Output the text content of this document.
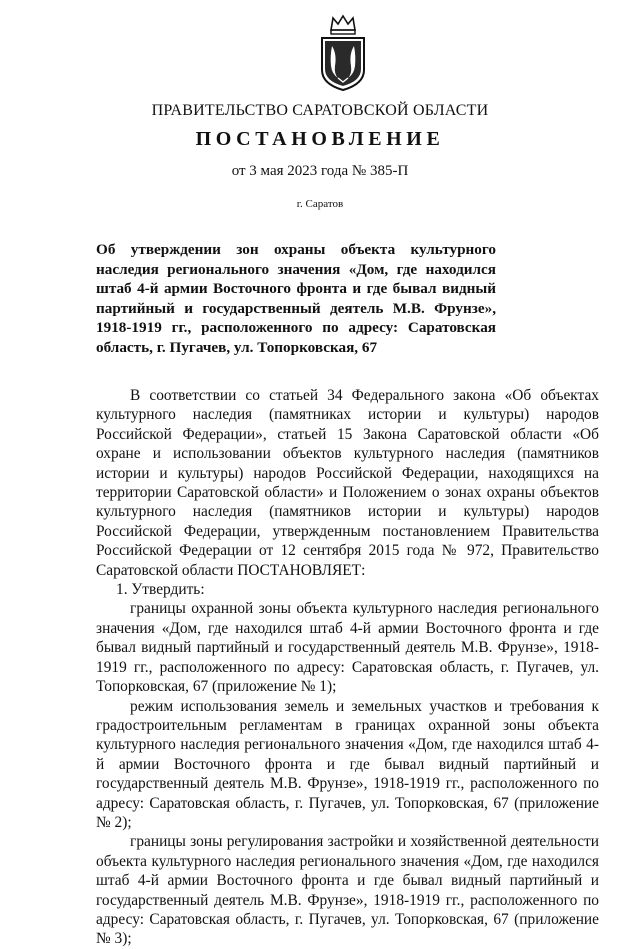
ПРАВИТЕЛЬСТВО САРАТОВСКОЙ ОБЛАСТИ
ПОСТАНОВЛЕНИЕ
от 3 мая 2023 года № 385-П
г. Саратов

Об утверждении зон охраны объекта культурного наследия регионального значения «Дом, где находился штаб 4-й армии Восточного фронта и где бывал видный партийный и государственный деятель М.В. Фрунзе», 1918-1919 гг., расположенного по адресу: Саратовская область, г. Пугачев, ул. Топорковская, 67

В соответствии со статьей 34 Федерального закона «Об объектах культурного наследия (памятниках истории и культуры) народов Российской Федерации», статьей 15 Закона Саратовской области «Об охране и использовании объектов культурного наследия (памятников истории и культуры) народов Российской Федерации, находящихся на территории Саратовской области» и Положением о зонах охраны объектов культурного наследия (памятников истории и культуры) народов Российской Федерации, утвержденным постановлением Правительства Российской Федерации от 12 сентября 2015 года № 972, Правительство Саратовской области ПОСТАНОВЛЯЕТ:

1. Утвердить:

границы охранной зоны объекта культурного наследия регионального значения «Дом, где находился штаб 4-й армии Восточного фронта и где бывал видный партийный и государственный деятель М.В. Фрунзе», 1918-1919 гг., расположенного по адресу: Саратовская область, г. Пугачев, ул. Топорковская, 67 (приложение № 1);

режим использования земель и земельных участков и требования к градостроительным регламентам в границах охранной зоны объекта культурного наследия регионального значения «Дом, где находился штаб 4-й армии Восточного фронта и где бывал видный партийный и государственный деятель М.В. Фрунзе», 1918-1919 гг., расположенного по адресу: Саратовская область, г. Пугачев, ул. Топорковская, 67 (приложение № 2);

границы зоны регулирования застройки и хозяйственной деятельности объекта культурного наследия регионального значения «Дом, где находился штаб 4-й армии Восточного фронта и где бывал видный партийный и государственный деятель М.В. Фрунзе», 1918-1919 гг., расположенного по адресу: Саратовская область, г. Пугачев, ул. Топорковская, 67 (приложение № 3);
